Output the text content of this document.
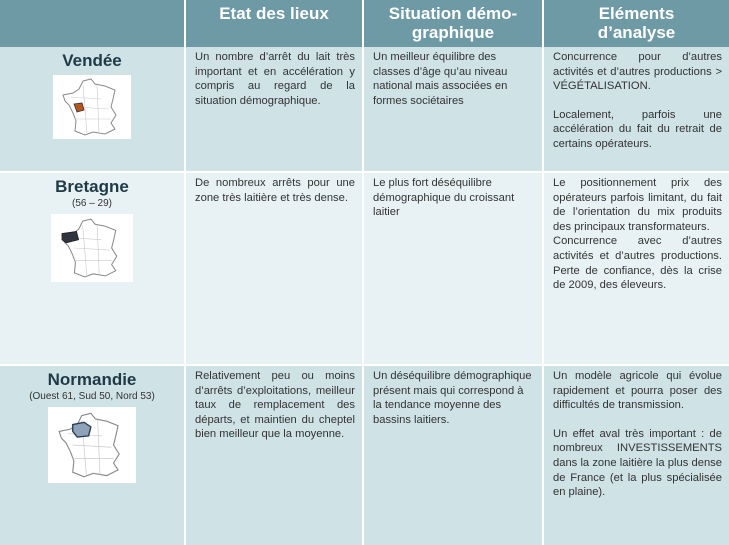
Etat des lieux	Situation démo-
graphique
Eléments
d’analyse
Vendée	Un nombre d’arrêt du lait très important et en accélération y compris au regard de la situation démographique.
Un meilleur équilibre des classes d’âge qu’au niveau national mais associées en formes sociétaires

Concurrence pour d’autres activités et d’autres productions > VÉGÉTALISATION.

Localement, parfois une accélération du fait du retrait de certains opérateurs.

Bretagne
(56 – 29)
De nombreux arrêts pour une zone très laitière et très dense.
Le plus fort déséquilibre démographique du croissant laitier

Le positionnement prix des opérateurs parfois limitant, du fait de l’orientation du mix produits des principaux transformateurs.

Concurrence avec d’autres activités et d’autres productions. Perte de confiance, dès la crise de 2009, des éleveurs.

Normandie
(Ouest 61, Sud 50, Nord 53)
Relativement peu ou moins d’arrêts d’exploitations, meilleur taux de remplacement des départs, et maintien du cheptel bien meilleur que la moyenne.
Un déséquilibre démographique présent mais qui correspond à la tendance moyenne des bassins laitiers.

Un modèle agricole qui évolue rapidement et pourra poser des difficultés de transmission.

Un effet aval très important : de nombreux INVESTISSEMENTS dans la zone laitière la plus dense de France (et la plus spécialisée en plaine).
